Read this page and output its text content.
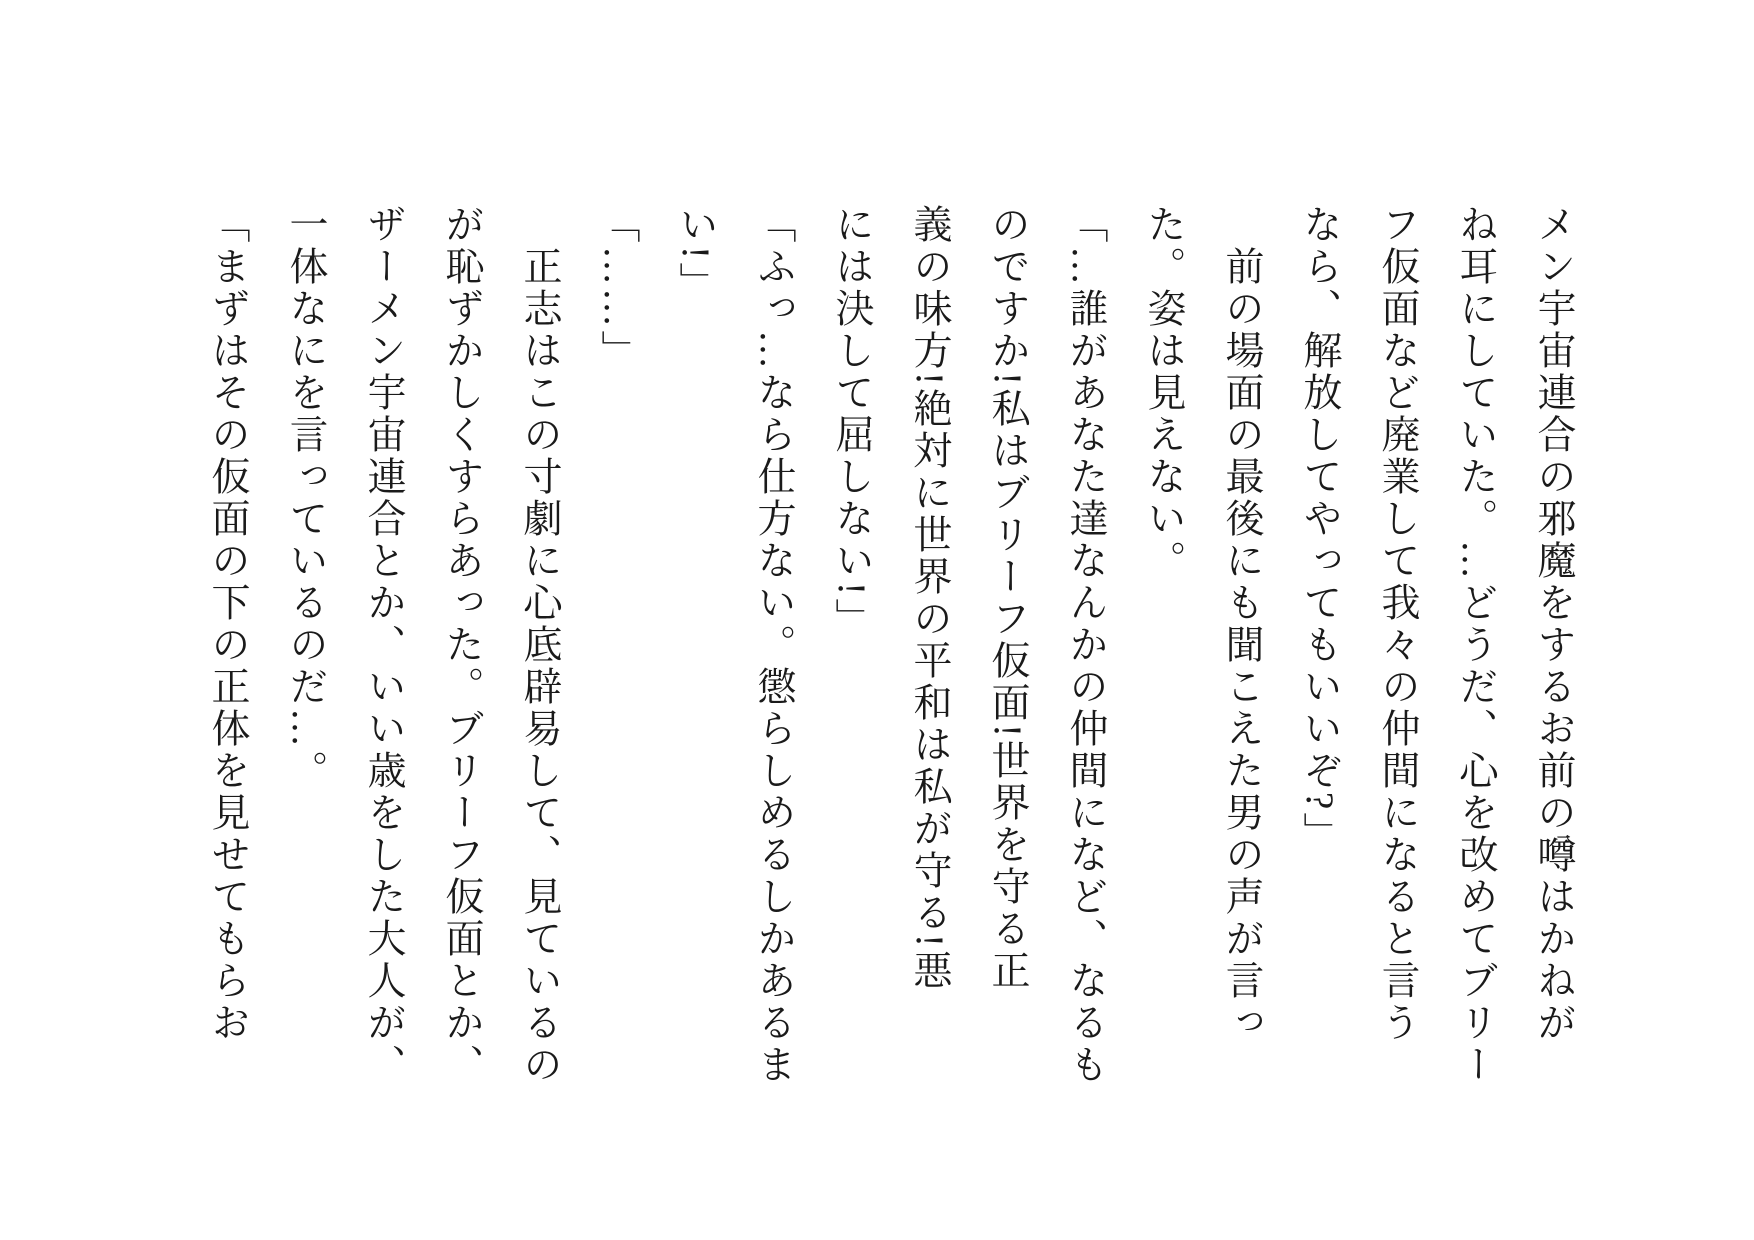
メン宇宙連合の邪魔をするお前の噂はかねが
ね耳にしていた。…どうだ、心を改めてブリー
フ仮面など廃業して我々の仲間になると言う
なら、解放してやってもいいぞ?」
　前の場面の最後にも聞こえた男の声が言っ
た。姿は見えない。
「…誰があなた達なんかの仲間になど、なるも
のですか!私はブリーフ仮面!世界を守る正
義の味方!絶対に世界の平和は私が守る!悪
には決して屈しない!」
「ふっ…なら仕方ない。懲らしめるしかあるま
い!」
「……」
　正志はこの寸劇に心底辟易して、見ているの
が恥ずかしくすらあった。ブリーフ仮面とか、
ザーメン宇宙連合とか、いい歳をした大人が、
一体なにを言っているのだ…。
「まずはその仮面の下の正体を見せてもらお
